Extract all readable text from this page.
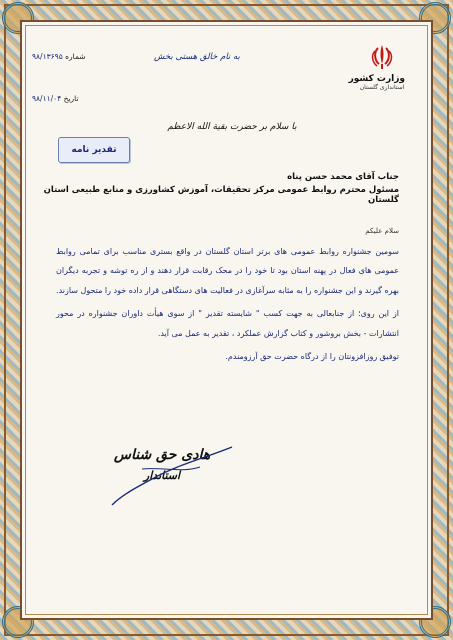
وزارت کشور
استانداری گلستان
به نام خالق هستی بخش
شماره ۹۸/۱۳۶۹۵
تاریخ ۹۸/۱۱/۰۴
با سلام بر حضرت بقیة الله الاعظم
تقدیر نامه
جناب آقای محمد حسن پناه
مسئول محترم روابط عمومی مرکز تحقیقات، آموزش کشاورزی و منابع طبیعی استان گلستان
سلام علیکم

سومین جشنواره روابط عمومی های برتر استان گلستان در واقع بستری مناسب برای تمامی روابط عمومی های فعال در پهنه استان بود تا خود را در محک رقابت قرار دهند و از ره توشه و تجربه دیگران بهره گیرند و این جشنواره را به مثابه سرآغازی در فعالیت های دستگاهی قرار داده خود را متحول سازند.

از این روی؛ از جنابعالی به جهت کسب " شایسته تقدیر " از سوی هیأت داوران جشنواره در محور انتشارات - بخش بروشور و کتاب گزارش عملکرد ، تقدیر به عمل می آید.

توفیق روزافزونتان را از درگاه حضرت حق آرزومندم.

هادی حق شناس
استاندار
